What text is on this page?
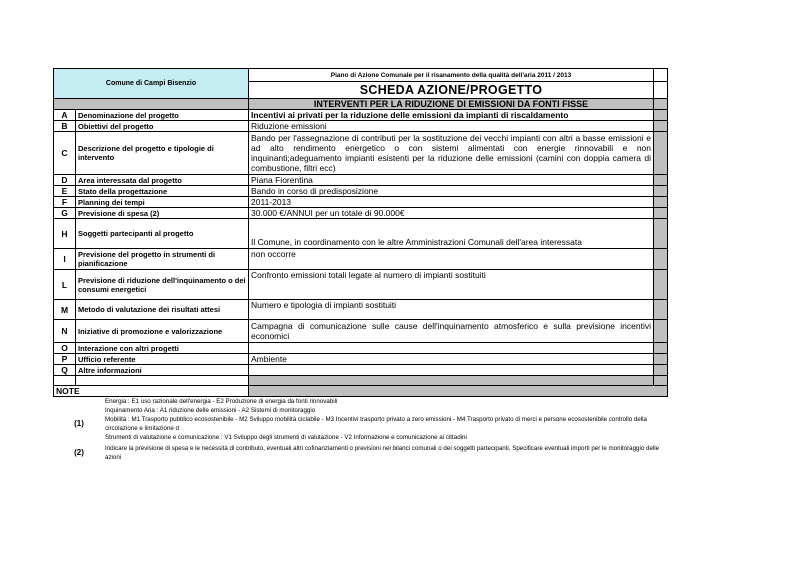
Comune di Campi Bisenzio		Piano di Azione Comunale per il risanamento della qualità dell'aria 2011 / 2013	
		SCHEDA AZIONE/PROGETTO	
		INTERVENTI PER LA RIDUZIONE DI EMISSIONI DA FONTI FISSE	
A	Denominazione del progetto	Incentivi ai privati per la riduzione delle emissioni da impianti di riscaldamento	
B	Obiettivi del progetto	Riduzione emissioni	
C	Descrizione del progetto e tipologie di intervento	Bando per l'assegnazione di contributi per la sostituzione dei vecchi impianti con altri a basse emissioni e ad alto rendimento energetico o con sistemi alimentati con energie rinnovabili e non inquinanti;adeguamento impianti esistenti per la riduzione delle emissioni (camini con doppia camera di combustione, filtri ecc)	
D	Area interessata dal progetto	Piana Fiorentina	
E	Stato della progettazione	Bando in corso di predisposizione	
F	Planning dei tempi	2011-2013	
G	Previsione di spesa (2)	30.000 €/ANNUI per un totale di 90.000€	
H	Soggetti partecipanti al progetto	Il Comune, in coordinamento con le altre Amministrazioni Comunali dell'area interessata	
I	Previsione del progetto in strumenti di pianificazione	non occorre	
L	Previsione di riduzione dell'inquinamento o dei consumi energetici	Confronto emissioni totali legate al numero di impianti sostituiti	
M	Metodo di valutazione dei risultati attesi	Numero e tipologia di impianti sostituiti	
N	Iniziative di promozione e valorizzazione	Campagna di comunicazione sulle cause dell'inquinamento atmosferico e sulla previsione incentivi economici	
O	Interazione con altri progetti		
P	Ufficio referente	Ambiente	
Q	Altre informazioni		

NOTE			
(1)
Energia : E1 uso razionale dell'energia - E2 Produzione di energia da fonti rinnovabili
Inquinamento Aria : A1 riduzione delle emissioni - A2 Sistemi di monitoraggio
Mobilità : M1 Trasporto pubblico ecosostenibile - M2 Sviluppo mobilità ciclabile - M3 Incentivi trasporto privato a zero emissioni - M4 Trasporto privato di merci e persone ecosostenibile controllo della circolazione e limitazione d
Strumenti di valutazione e comunicazione : V1 Sviluppo degli strumenti di valutazione - V2 Informazione e comunicazione ai cittadini
(2)	Indicare la previsione di spesa e le necessità di contributo, eventuali altri cofinanziamenti o previsioni nei bilanci comunali o dei soggetti partecipanti. Specificare eventuali importi per le monitoraggio delle azioni
